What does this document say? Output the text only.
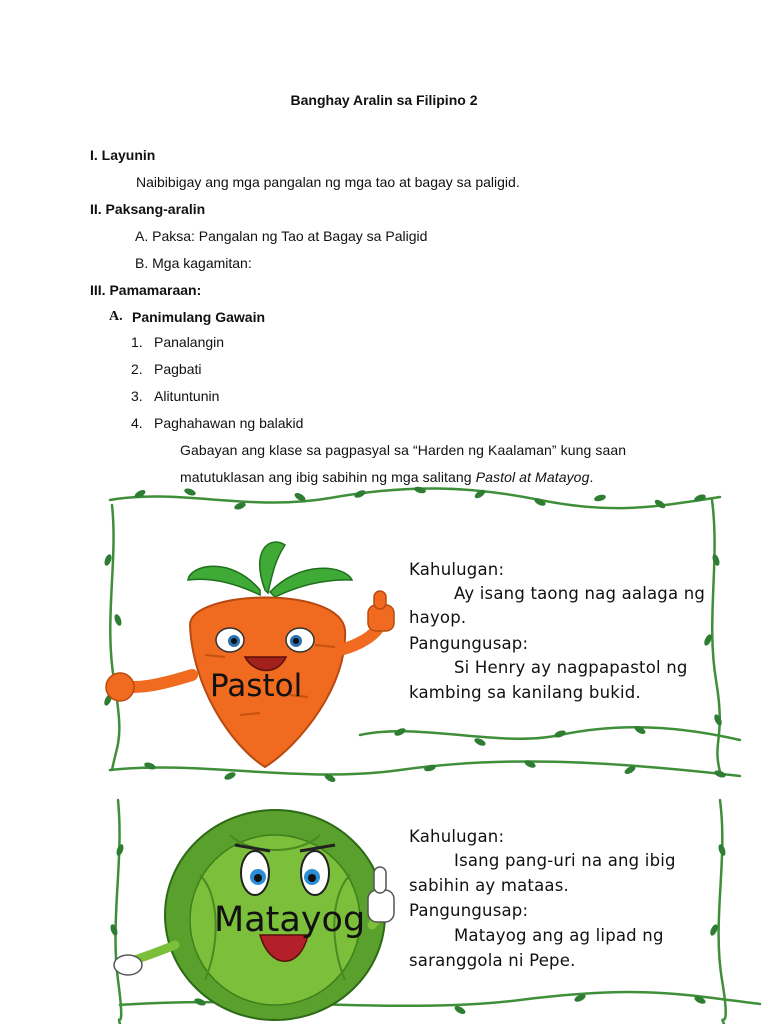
Banghay Aralin sa Filipino 2
I. Layunin
Naibibigay ang mga pangalan ng mga tao at bagay sa paligid.
II. Paksang-aralin
A. Paksa: Pangalan ng Tao at Bagay sa Paligid
B. Mga kagamitan:
III. Pamamaraan:
A. Panimulang Gawain
1. Panalangin
2. Pagbati
3. Alituntunin
4. Paghahawan ng balakid
Gabayan ang klase sa pagpasyal sa “Harden ng Kaalaman” kung saan
matutuklasan ang ibig sabihin ng mga salitang Pastol at Matayog.
Pastol
Kahulugan:
Ay isang taong nag aalaga ng
hayop.
Pangungusap:
Si Henry ay nagpapastol ng
kambing sa kanilang bukid.
Matayog
Kahulugan:
Isang pang-uri na ang ibig
sabihin ay mataas.
Pangungusap:
Matayog ang ag lipad ng
saranggola ni Pepe.
